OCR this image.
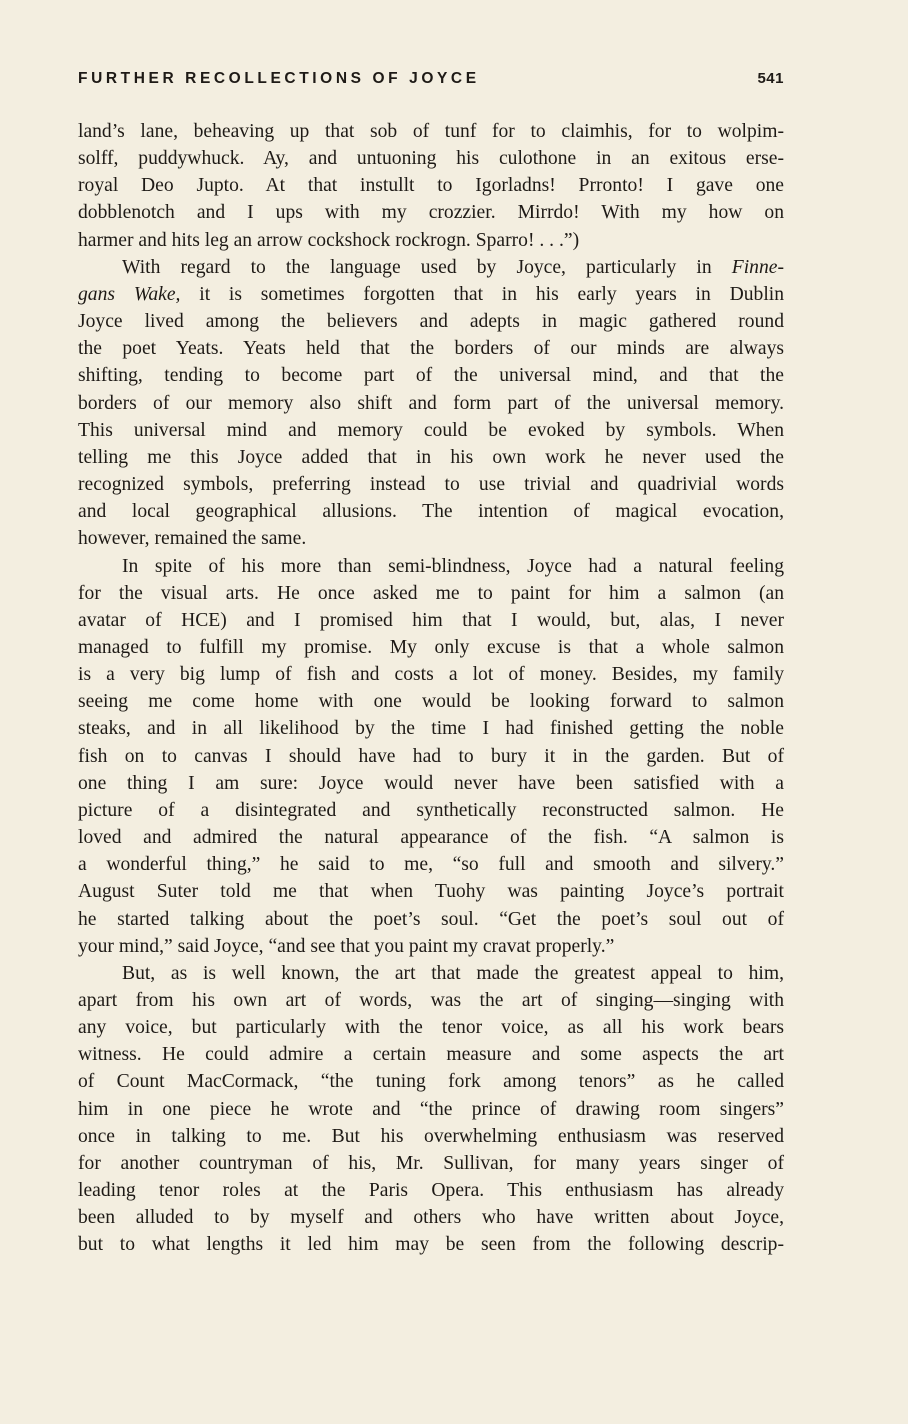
FURTHER RECOLLECTIONS OF JOYCE	541
land’s lane, beheaving up that sob of tunf for to claimhis, for to wolpim-
solff, puddywhuck. Ay, and untuoning his culothone in an exitous erse-
royal Deo Jupto. At that instullt to Igorladns! Prronto! I gave one
dobblenotch and I ups with my crozzier. Mirrdo! With my how on
harmer and hits leg an arrow cockshock rockrogn. Sparro! . . .”)
With regard to the language used by Joyce, particularly in Finne-
gans Wake, it is sometimes forgotten that in his early years in Dublin
Joyce lived among the believers and adepts in magic gathered round
the poet Yeats. Yeats held that the borders of our minds are always
shifting, tending to become part of the universal mind, and that the
borders of our memory also shift and form part of the universal memory.
This universal mind and memory could be evoked by symbols. When
telling me this Joyce added that in his own work he never used the
recognized symbols, preferring instead to use trivial and quadrivial words
and local geographical allusions. The intention of magical evocation,
however, remained the same.
In spite of his more than semi-blindness, Joyce had a natural feeling
for the visual arts. He once asked me to paint for him a salmon (an
avatar of HCE) and I promised him that I would, but, alas, I never
managed to fulfill my promise. My only excuse is that a whole salmon
is a very big lump of fish and costs a lot of money. Besides, my family
seeing me come home with one would be looking forward to salmon
steaks, and in all likelihood by the time I had finished getting the noble
fish on to canvas I should have had to bury it in the garden. But of
one thing I am sure: Joyce would never have been satisfied with a
picture of a disintegrated and synthetically reconstructed salmon. He
loved and admired the natural appearance of the fish. “A salmon is
a wonderful thing,” he said to me, “so full and smooth and silvery.”
August Suter told me that when Tuohy was painting Joyce’s portrait
he started talking about the poet’s soul. “Get the poet’s soul out of
your mind,” said Joyce, “and see that you paint my cravat properly.”
But, as is well known, the art that made the greatest appeal to him,
apart from his own art of words, was the art of singing—singing with
any voice, but particularly with the tenor voice, as all his work bears
witness. He could admire a certain measure and some aspects the art
of Count MacCormack, “the tuning fork among tenors” as he called
him in one piece he wrote and “the prince of drawing room singers”
once in talking to me. But his overwhelming enthusiasm was reserved
for another countryman of his, Mr. Sullivan, for many years singer of
leading tenor roles at the Paris Opera. This enthusiasm has already
been alluded to by myself and others who have written about Joyce,
but to what lengths it led him may be seen from the following descrip-
